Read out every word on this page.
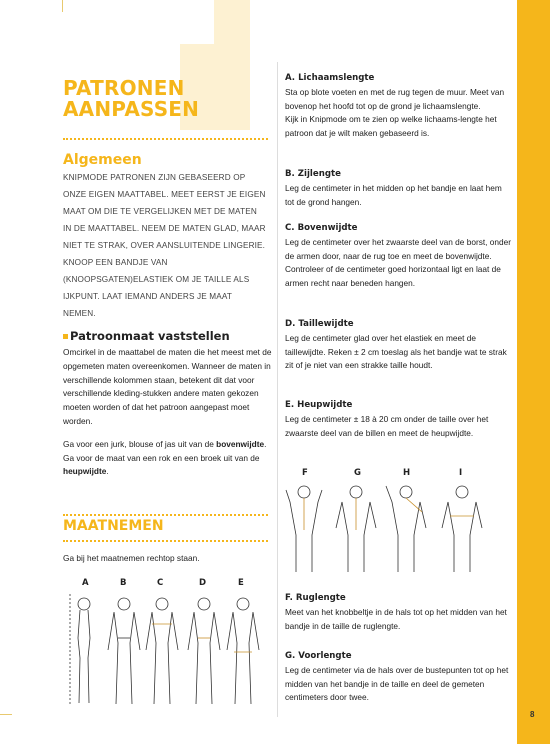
8
PATRONEN
AANPASSEN
Algemeen
KNIPMODE PATRONEN ZIJN GEBASEERD OP ONZE EIGEN MAATTABEL. MEET EERST JE EIGEN MAAT OM DIE TE VERGELIJKEN MET DE MATEN IN DE MAATTABEL. NEEM DE MATEN GLAD, MAAR NIET TE STRAK, OVER AANSLUITENDE LINGERIE. KNOOP EEN BANDJE VAN (KNOOPSGATEN)ELASTIEK OM JE TAILLE ALS IJKPUNT. LAAT IEMAND ANDERS JE MAAT NEMEN.
Patroonmaat vaststellen

Omcirkel in de maattabel de maten die het meest met de opgemeten maten overeenkomen. Wanneer de maten in verschillende kolommen staan, betekent dit dat voor verschillende kleding-stukken andere maten gekozen moeten worden of dat het patroon aangepast moet worden.

Ga voor een jurk, blouse of jas uit van de bovenwijdte.
Ga voor de maat van een rok en een broek uit van de heupwijdte.

MAATNEMEN
Ga bij het maatnemen rechtop staan.
A	B	C	D	E
A. Lichaamslengte
Sta op blote voeten en met de rug tegen de muur. Meet van bovenop het hoofd tot op de grond je lichaamslengte.
Kijk in Knipmode om te zien op welke lichaams-lengte het patroon dat je wilt maken gebaseerd is.
B. Zijlengte
Leg de centimeter in het midden op het bandje en laat hem tot de grond hangen.
C. Bovenwijdte
Leg de centimeter over het zwaarste deel van de borst, onder de armen door, naar de rug toe en meet de bovenwijdte. Controleer of de centimeter goed horizontaal ligt en laat de armen recht naar beneden hangen.
D. Taillewijdte
Leg de centimeter glad over het elastiek en meet de taillewijdte. Reken ± 2 cm toeslag als het bandje wat te strak zit of je niet van een strakke taille houdt.
E. Heupwijdte
Leg de centimeter ± 18 à 20 cm onder de taille over het zwaarste deel van de billen en meet de heupwijdte.
F	G	H	I
F. Ruglengte
Meet van het knobbeltje in de hals tot op het midden van het bandje in de taille de ruglengte.
G. Voorlengte
Leg de centimeter via de hals over de bustepunten tot op het midden van het bandje in de taille en deel de gemeten centimeters door twee.
